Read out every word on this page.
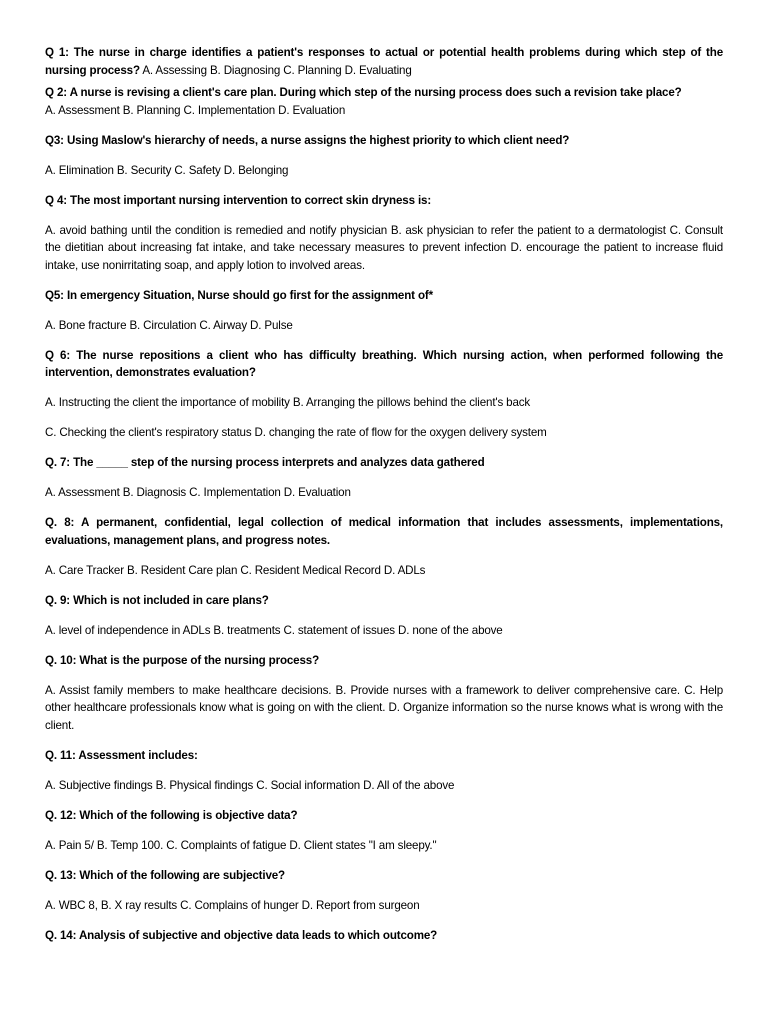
Q 1: The nurse in charge identifies a patient's responses to actual or potential health problems during which step of the nursing process? A. Assessing B. Diagnosing C. Planning D. Evaluating

Q 2: A nurse is revising a client's care plan. During which step of the nursing process does such a revision take place?
A. Assessment B. Planning C. Implementation D. Evaluation

Q3: Using Maslow's hierarchy of needs, a nurse assigns the highest priority to which client need?

A. Elimination B. Security C. Safety D. Belonging

Q 4: The most important nursing intervention to correct skin dryness is:

A. avoid bathing until the condition is remedied and notify physician B. ask physician to refer the patient to a dermatologist C. Consult the dietitian about increasing fat intake, and take necessary measures to prevent infection D. encourage the patient to increase fluid intake, use nonirritating soap, and apply lotion to involved areas.

Q5: In emergency Situation, Nurse should go first for the assignment of*

A. Bone fracture B. Circulation C. Airway D. Pulse

Q 6: The nurse repositions a client who has difficulty breathing. Which nursing action, when performed following the intervention, demonstrates evaluation?

A. Instructing the client the importance of mobility B. Arranging the pillows behind the client's back

C. Checking the client's respiratory status D. changing the rate of flow for the oxygen delivery system

Q. 7: The _____ step of the nursing process interprets and analyzes data gathered

A. Assessment B. Diagnosis C. Implementation D. Evaluation

Q. 8: A permanent, confidential, legal collection of medical information that includes assessments, implementations, evaluations, management plans, and progress notes.

A. Care Tracker B. Resident Care plan C. Resident Medical Record D. ADLs

Q. 9: Which is not included in care plans?

A. level of independence in ADLs B. treatments C. statement of issues D. none of the above

Q. 10: What is the purpose of the nursing process?

A. Assist family members to make healthcare decisions. B. Provide nurses with a framework to deliver comprehensive care. C. Help other healthcare professionals know what is going on with the client. D. Organize information so the nurse knows what is wrong with the client.

Q. 11: Assessment includes:

A. Subjective findings B. Physical findings C. Social information D. All of the above

Q. 12: Which of the following is objective data?

A. Pain 5/ B. Temp 100. C. Complaints of fatigue D. Client states "I am sleepy."

Q. 13: Which of the following are subjective?

A. WBC 8, B. X ray results C. Complains of hunger D. Report from surgeon

Q. 14: Analysis of subjective and objective data leads to which outcome?
